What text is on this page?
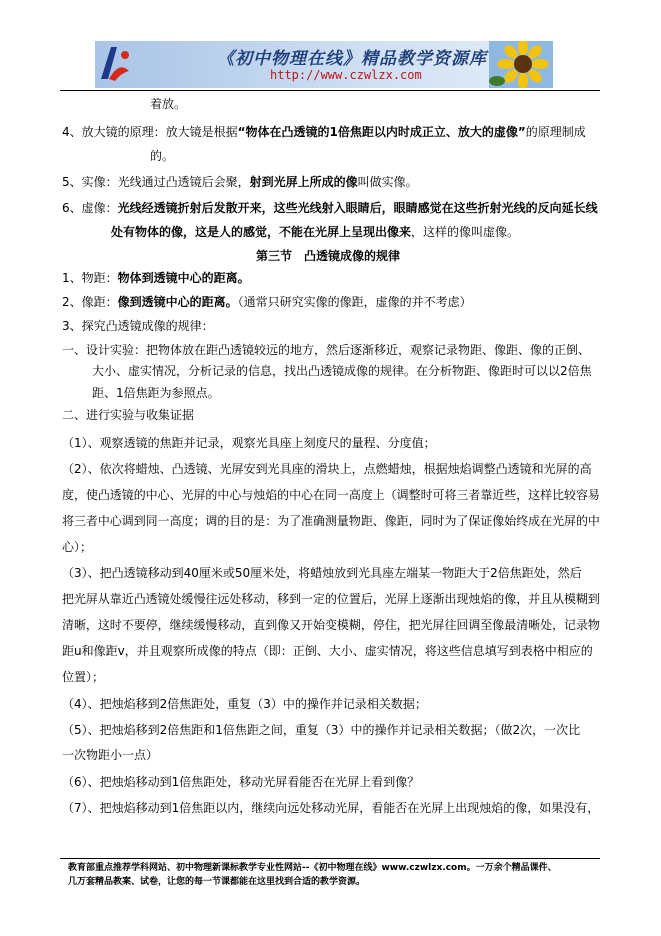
《初中物理在线》精品教学资源库
http://www.czwlzx.com
着放。
4、放大镜的原理：放大镜是根据“物体在凸透镜的1倍焦距以内时成正立、放大的虚像”的原理制成
的。
5、实像：光线通过凸透镜后会聚，射到光屏上所成的像叫做实像。
6、虚像：光线经透镜折射后发散开来，这些光线射入眼睛后，眼睛感觉在这些折射光线的反向延长线
处有物体的像，这是人的感觉，不能在光屏上呈现出像来，这样的像叫虚像。
第三节　凸透镜成像的规律
1、物距：物体到透镜中心的距离。
2、像距：像到透镜中心的距离。（通常只研究实像的像距，虚像的并不考虑）
3、探究凸透镜成像的规律：
一、设计实验：把物体放在距凸透镜较远的地方，然后逐渐移近，观察记录物距、像距、像的正倒、
大小、虚实情况，分析记录的信息，找出凸透镜成像的规律。在分析物距、像距时可以以2倍焦
距、1倍焦距为参照点。
二、进行实验与收集证据
（1）、观察透镜的焦距并记录，观察光具座上刻度尺的量程、分度值；
（2）、依次将蜡烛、凸透镜、光屏安到光具座的滑块上，点燃蜡烛，根据烛焰调整凸透镜和光屏的高
度，使凸透镜的中心、光屏的中心与烛焰的中心在同一高度上（调整时可将三者靠近些，这样比较容易
将三者中心调到同一高度；调的目的是：为了准确测量物距、像距，同时为了保证像始终成在光屏的中
心）；
（3）、把凸透镜移动到40厘米或50厘米处，将蜡烛放到光具座左端某一物距大于2倍焦距处，然后
把光屏从靠近凸透镜处缓慢往远处移动，移到一定的位置后，光屏上逐渐出现烛焰的像，并且从模糊到
清晰，这时不要停，继续缓慢移动，直到像又开始变模糊，停住，把光屏往回调至像最清晰处，记录物
距u和像距v，并且观察所成像的特点（即：正倒、大小、虚实情况，将这些信息填写到表格中相应的
位置）；
（4）、把烛焰移到2倍焦距处，重复（3）中的操作并记录相关数据；
（5）、把烛焰移到2倍焦距和1倍焦距之间，重复（3）中的操作并记录相关数据；（做2次，一次比
一次物距小一点）
（6）、把烛焰移动到1倍焦距处，移动光屏看能否在光屏上看到像？
（7）、把烛焰移动到1倍焦距以内，继续向远处移动光屏，看能否在光屏上出现烛焰的像，如果没有，
教育部重点推荐学科网站、初中物理新课标教学专业性网站--《初中物理在线》www.czwlzx.com。一万余个精品课件、
几万套精品教案、试卷，让您的每一节课都能在这里找到合适的教学资源。
